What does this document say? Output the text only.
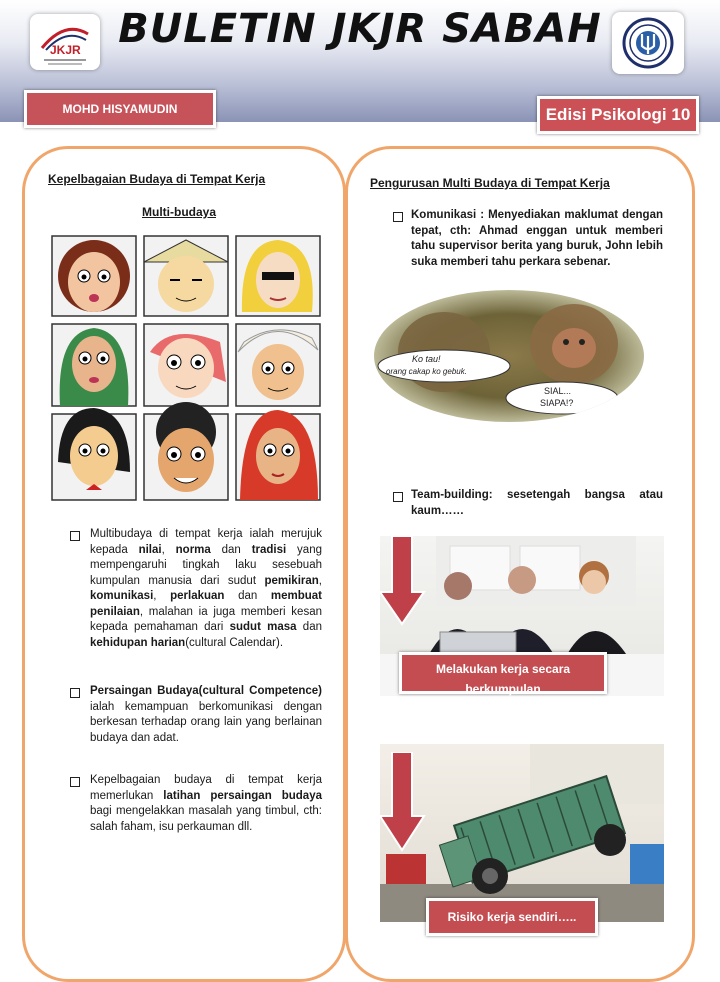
JKJR BULETIN JKJR SABAH
MOHD HISYAMUDIN	Edisi Psikologi 10
Kepelbagaian Budaya di Tempat Kerja
Multi-budaya
Multibudaya di tempat kerja ialah merujuk kepada nilai, norma dan tradisi yang mempengaruhi tingkah laku sesebuah kumpulan manusia dari sudut pemikiran, komunikasi, perlakuan dan membuat penilaian, malahan ia juga memberi kesan kepada pemahaman dari sudut masa dan kehidupan harian(cultural Calendar).
Persaingan Budaya(cultural Competence) ialah kemampuan berkomunikasi dengan berkesan terhadap orang lain yang berlainan budaya dan adat.
Kepelbagaian budaya di tempat kerja memerlukan latihan persaingan budaya bagi mengelakkan masalah yang timbul, cth: salah faham, isu perkauman dll.
Pengurusan Multi Budaya di Tempat Kerja
Komunikasi : Menyediakan maklumat dengan tepat, cth: Ahmad enggan untuk memberi tahu supervisor berita yang buruk, John lebih suka memberi tahu perkara sebenar.
Ko tau!
orang cakap ko gebuk.
SIAL...
SIAPA!?
Team-building: sesetengah bangsa atau kaum……
Melakukan kerja secara berkumpulan
Risiko kerja sendiri…..
